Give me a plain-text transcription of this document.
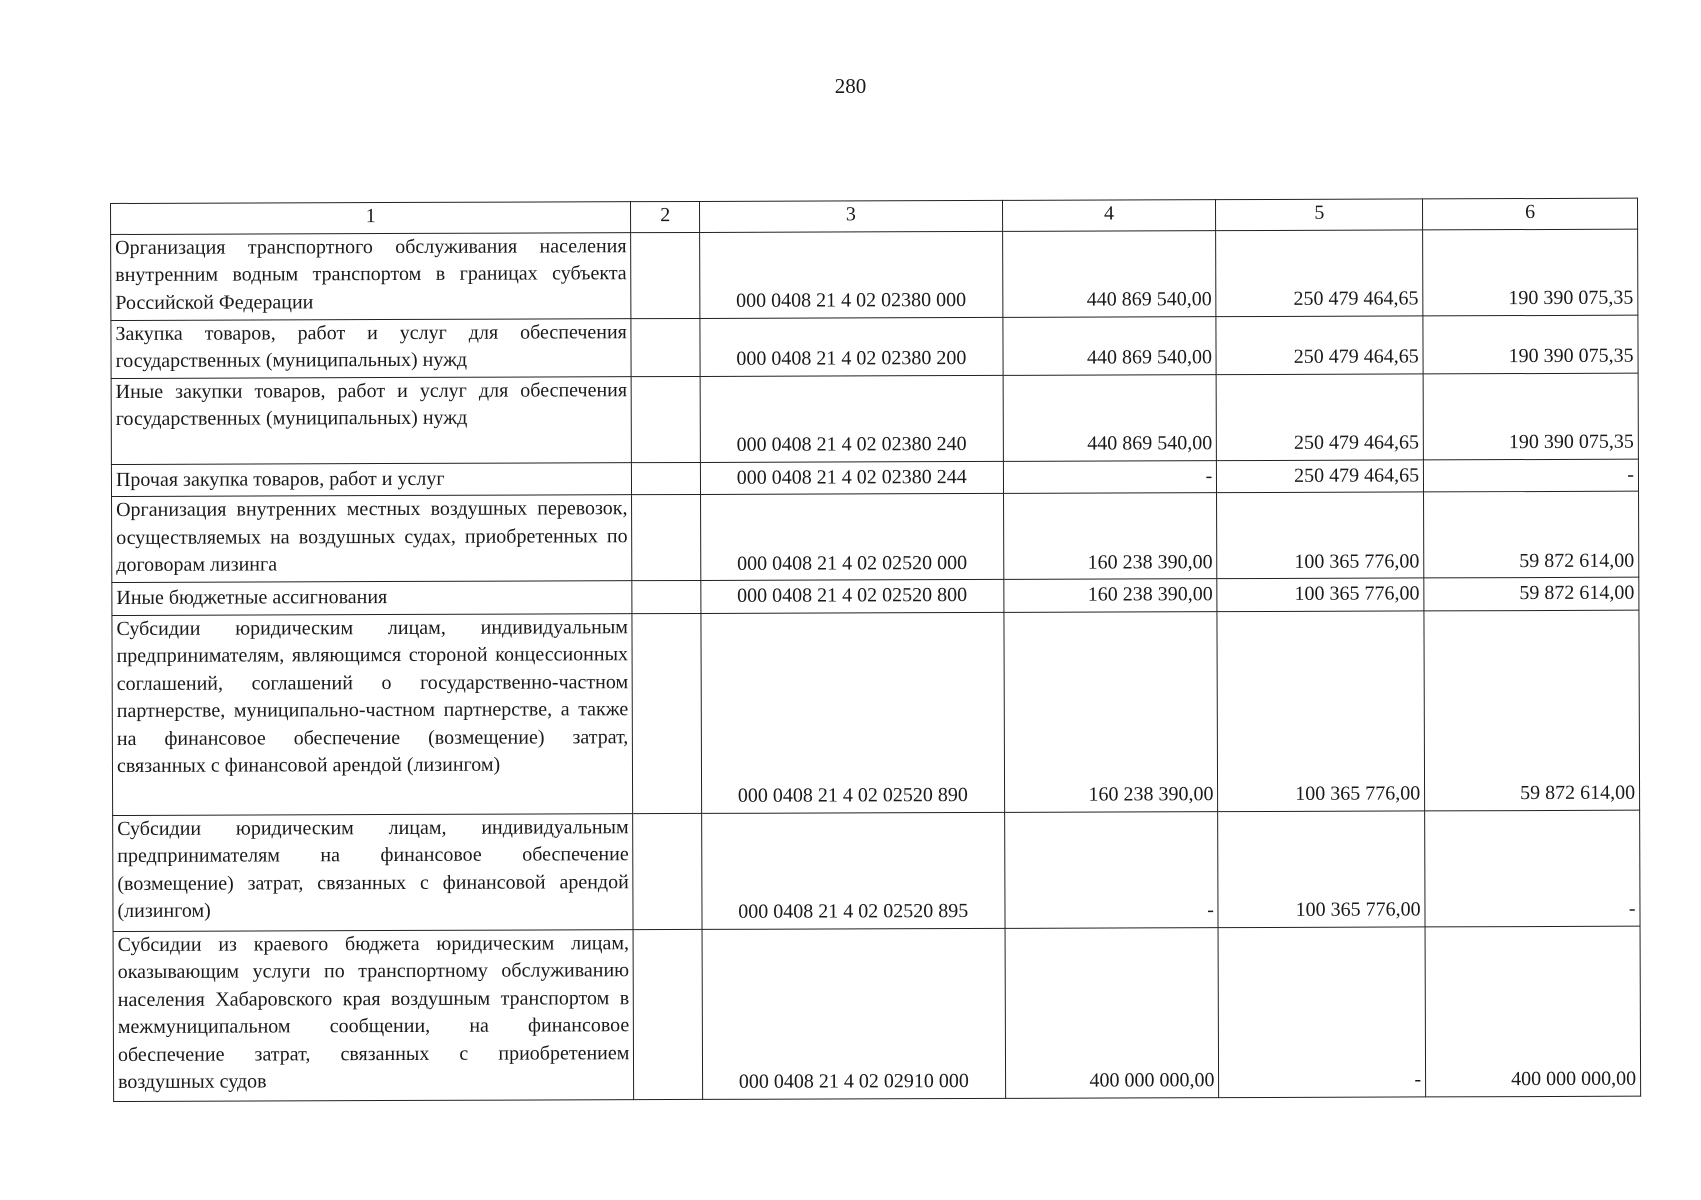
280
1	2	3	4	5	6
Организация транспортного обслуживания населения внутренним водным транспортом в границах субъекта Российской Федерации		000 0408 21 4 02 02380 000	440 869 540,00	250 479 464,65	190 390 075,35
Закупка товаров, работ и услуг для обеспечения государственных (муниципальных) нужд		000 0408 21 4 02 02380 200	440 869 540,00	250 479 464,65	190 390 075,35
Иные закупки товаров, работ и услуг для обеспечения государственных (муниципальных) нужд		000 0408 21 4 02 02380 240	440 869 540,00	250 479 464,65	190 390 075,35
Прочая закупка товаров, работ и услуг		000 0408 21 4 02 02380 244	-	250 479 464,65	-
Организация внутренних местных воздушных перевозок, осуществляемых на воздушных судах, приобретенных по договорам лизинга		000 0408 21 4 02 02520 000	160 238 390,00	100 365 776,00	59 872 614,00
Иные бюджетные ассигнования		000 0408 21 4 02 02520 800	160 238 390,00	100 365 776,00	59 872 614,00
Субсидии юридическим лицам, индивидуальным предпринимателям, являющимся стороной концессионных соглашений, соглашений о государственно-частном партнерстве, муниципально-частном партнерстве, а также на финансовое обеспечение (возмещение) затрат, связанных с финансовой арендой (лизингом)		000 0408 21 4 02 02520 890	160 238 390,00	100 365 776,00	59 872 614,00
Субсидии юридическим лицам, индивидуальным предпринимателям на финансовое обеспечение (возмещение) затрат, связанных с финансовой арендой (лизингом)		000 0408 21 4 02 02520 895	-	100 365 776,00	-
Субсидии из краевого бюджета юридическим лицам, оказывающим услуги по транспортному обслуживанию населения Хабаровского края воздушным транспортом в межмуниципальном сообщении, на финансовое обеспечение затрат, связанных с приобретением воздушных судов		000 0408 21 4 02 02910 000	400 000 000,00	-	400 000 000,00
